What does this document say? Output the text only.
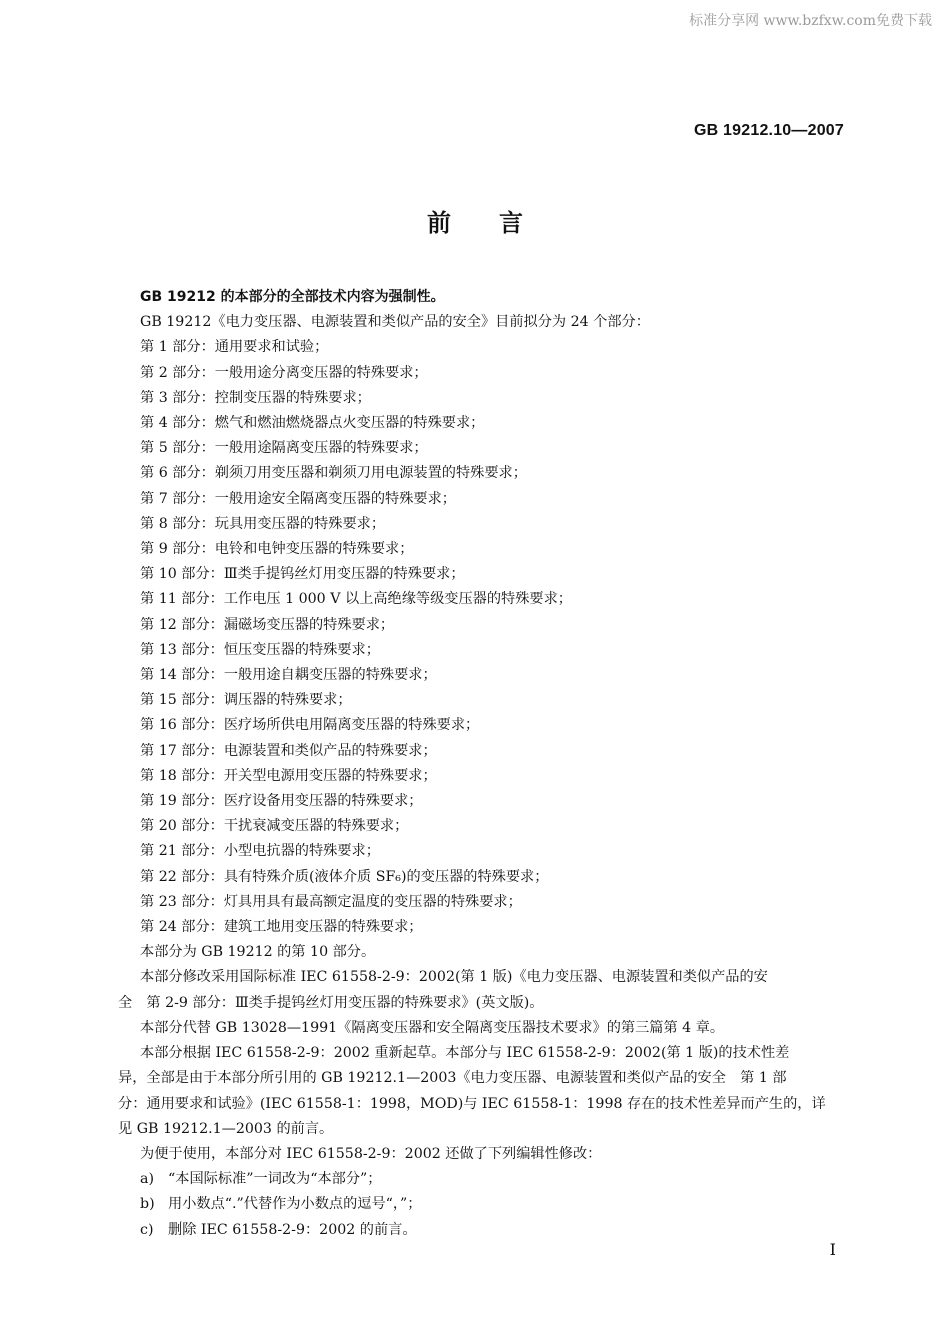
标准分享网 www.bzfxw.com免费下载
GB 19212.10—2007
前言

GB 19212 的本部分的全部技术内容为强制性。

GB 19212《电力变压器、电源装置和类似产品的安全》目前拟分为 24 个部分：

第 1 部分：通用要求和试验；

第 2 部分：一般用途分离变压器的特殊要求；

第 3 部分：控制变压器的特殊要求；

第 4 部分：燃气和燃油燃烧器点火变压器的特殊要求；

第 5 部分：一般用途隔离变压器的特殊要求；

第 6 部分：剃须刀用变压器和剃须刀用电源装置的特殊要求；

第 7 部分：一般用途安全隔离变压器的特殊要求；

第 8 部分：玩具用变压器的特殊要求；

第 9 部分：电铃和电钟变压器的特殊要求；

第 10 部分：Ⅲ类手提钨丝灯用变压器的特殊要求；

第 11 部分：工作电压 1 000 V 以上高绝缘等级变压器的特殊要求；

第 12 部分：漏磁场变压器的特殊要求；

第 13 部分：恒压变压器的特殊要求；

第 14 部分：一般用途自耦变压器的特殊要求；

第 15 部分：调压器的特殊要求；

第 16 部分：医疗场所供电用隔离变压器的特殊要求；

第 17 部分：电源装置和类似产品的特殊要求；

第 18 部分：开关型电源用变压器的特殊要求；

第 19 部分：医疗设备用变压器的特殊要求；

第 20 部分：干扰衰减变压器的特殊要求；

第 21 部分：小型电抗器的特殊要求；

第 22 部分：具有特殊介质(液体介质 SF₆)的变压器的特殊要求；

第 23 部分：灯具用具有最高额定温度的变压器的特殊要求；

第 24 部分：建筑工地用变压器的特殊要求；

本部分为 GB 19212 的第 10 部分。

本部分修改采用国际标准 IEC 61558-2-9：2002(第 1 版)《电力变压器、电源装置和类似产品的安

全　第 2-9 部分：Ⅲ类手提钨丝灯用变压器的特殊要求》(英文版)。

本部分代替 GB 13028—1991《隔离变压器和安全隔离变压器技术要求》的第三篇第 4 章。

本部分根据 IEC 61558-2-9：2002 重新起草。本部分与 IEC 61558-2-9：2002(第 1 版)的技术性差

异，全部是由于本部分所引用的 GB 19212.1—2003《电力变压器、电源装置和类似产品的安全　第 1 部

分：通用要求和试验》(IEC 61558-1：1998，MOD)与 IEC 61558-1：1998 存在的技术性差异而产生的，详

见 GB 19212.1—2003 的前言。

为便于使用，本部分对 IEC 61558-2-9：2002 还做了下列编辑性修改：

a) “本国际标准”一词改为“本部分”；

b) 用小数点“.”代替作为小数点的逗号“，”；

c) 删除 IEC 61558-2-9：2002 的前言。

Ⅰ
